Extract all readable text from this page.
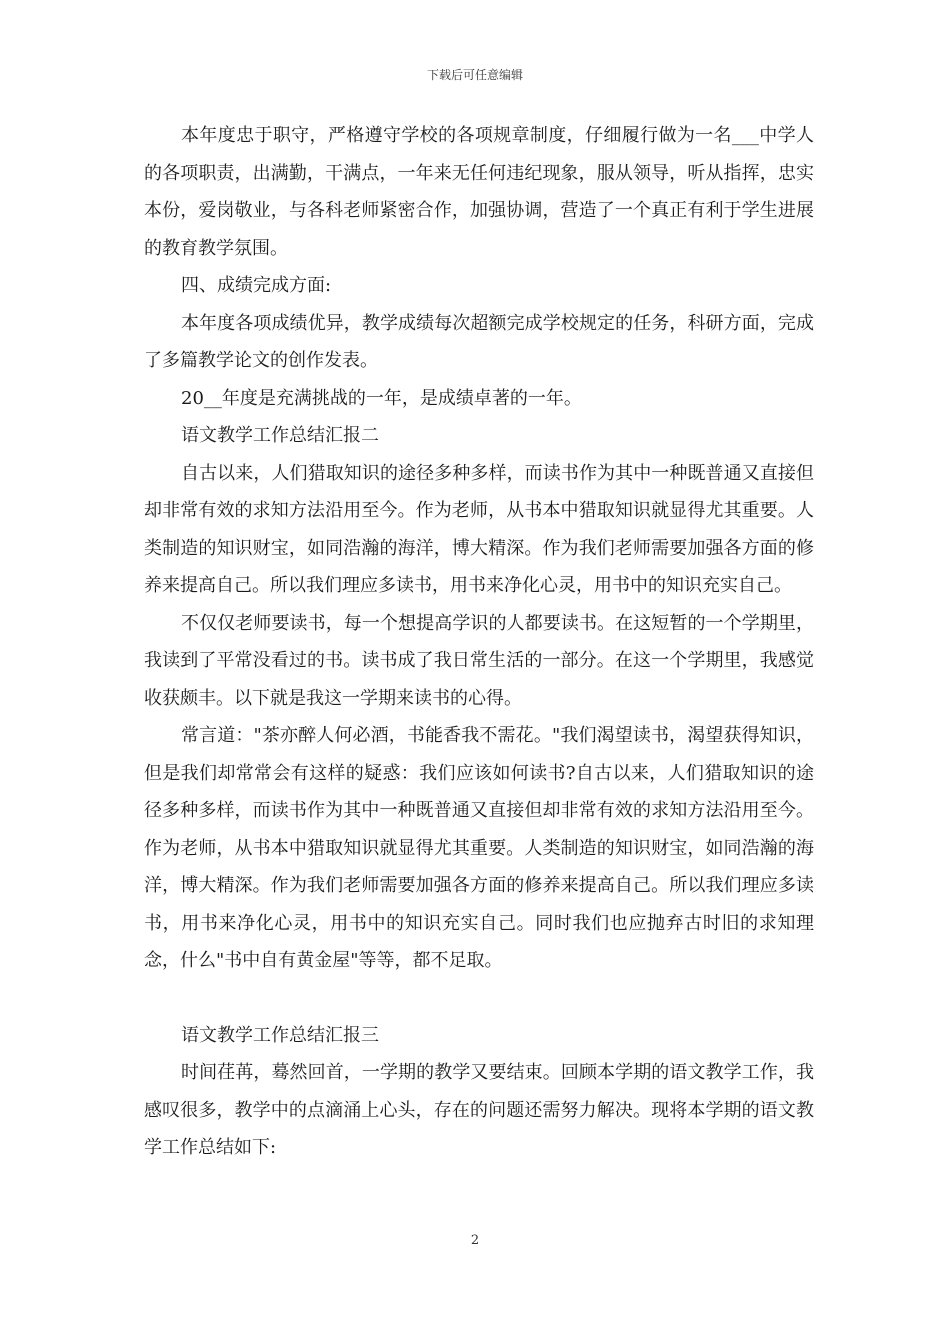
下载后可任意编辑

本年度忠于职守，严格遵守学校的各项规章制度，仔细履行做为一名___中学人的各项职责，出满勤，干满点，一年来无任何违纪现象，服从领导，听从指挥，忠实本份，爱岗敬业，与各科老师紧密合作，加强协调，营造了一个真正有利于学生进展的教育教学氛围。

四、成绩完成方面:

本年度各项成绩优异，教学成绩每次超额完成学校规定的任务，科研方面，完成了多篇教学论文的创作发表。

20__年度是充满挑战的一年，是成绩卓著的一年。

语文教学工作总结汇报二

自古以来，人们猎取知识的途径多种多样，而读书作为其中一种既普通又直接但却非常有效的求知方法沿用至今。作为老师，从书本中猎取知识就显得尤其重要。人类制造的知识财宝，如同浩瀚的海洋，博大精深。作为我们老师需要加强各方面的修养来提高自己。所以我们理应多读书，用书来净化心灵，用书中的知识充实自己。

不仅仅老师要读书，每一个想提高学识的人都要读书。在这短暂的一个学期里，我读到了平常没看过的书。读书成了我日常生活的一部分。在这一个学期里，我感觉收获颇丰。以下就是我这一学期来读书的心得。

常言道："茶亦醉人何必酒，书能香我不需花。"我们渴望读书，渴望获得知识，但是我们却常常会有这样的疑惑：我们应该如何读书?自古以来，人们猎取知识的途径多种多样，而读书作为其中一种既普通又直接但却非常有效的求知方法沿用至今。作为老师，从书本中猎取知识就显得尤其重要。人类制造的知识财宝，如同浩瀚的海洋，博大精深。作为我们老师需要加强各方面的修养来提高自己。所以我们理应多读书，用书来净化心灵，用书中的知识充实自己。同时我们也应抛弃古时旧的求知理念，什么"书中自有黄金屋"等等，都不足取。

语文教学工作总结汇报三

时间荏苒，蓦然回首，一学期的教学又要结束。回顾本学期的语文教学工作，我感叹很多，教学中的点滴涌上心头，存在的问题还需努力解决。现将本学期的语文教学工作总结如下:

2
